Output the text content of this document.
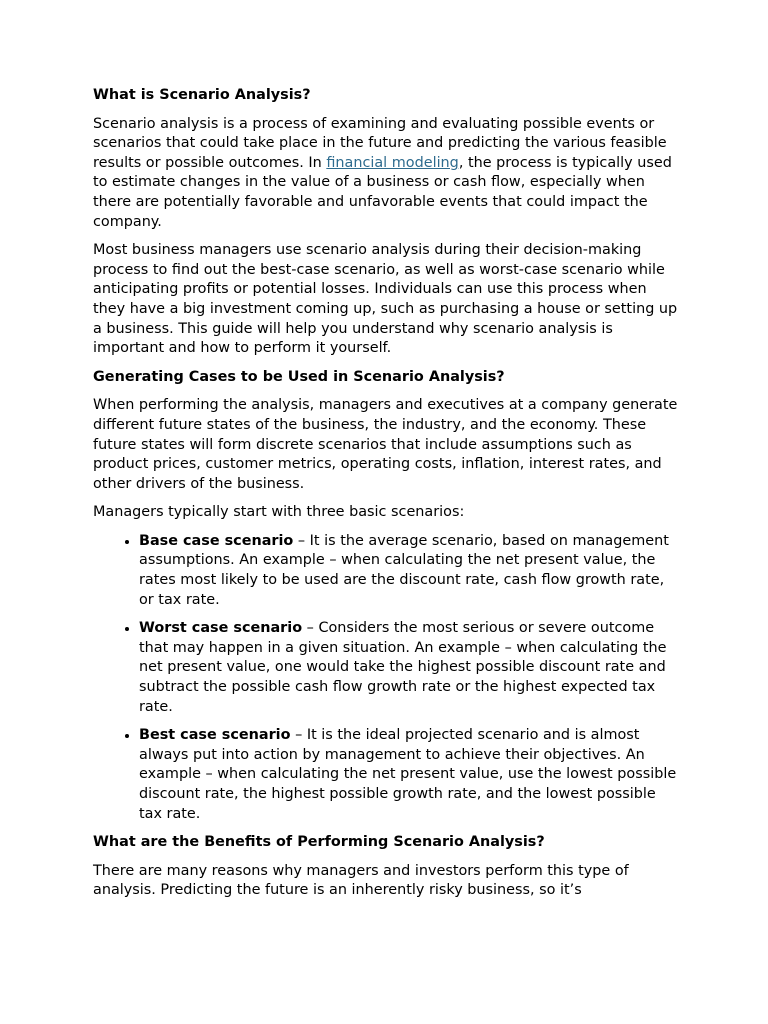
What is Scenario Analysis?

Scenario analysis is a process of examining and evaluating possible events or scenarios that could take place in the future and predicting the various feasible results or possible outcomes. In financial modeling, the process is typically used to estimate changes in the value of a business or cash flow, especially when there are potentially favorable and unfavorable events that could impact the company.

Most business managers use scenario analysis during their decision-making process to find out the best-case scenario, as well as worst-case scenario while anticipating profits or potential losses. Individuals can use this process when they have a big investment coming up, such as purchasing a house or setting up a business. This guide will help you understand why scenario analysis is important and how to perform it yourself.

Generating Cases to be Used in Scenario Analysis?

When performing the analysis, managers and executives at a company generate different future states of the business, the industry, and the economy. These future states will form discrete scenarios that include assumptions such as product prices, customer metrics, operating costs, inflation, interest rates, and other drivers of the business.

Managers typically start with three basic scenarios:

• Base case scenario – It is the average scenario, based on management assumptions. An example – when calculating the net present value, the rates most likely to be used are the discount rate, cash flow growth rate, or tax rate.
• Worst case scenario – Considers the most serious or severe outcome that may happen in a given situation. An example – when calculating the net present value, one would take the highest possible discount rate and subtract the possible cash flow growth rate or the highest expected tax rate.
• Best case scenario – It is the ideal projected scenario and is almost always put into action by management to achieve their objectives. An example – when calculating the net present value, use the lowest possible discount rate, the highest possible growth rate, and the lowest possible tax rate.
What are the Benefits of Performing Scenario Analysis?

There are many reasons why managers and investors perform this type of analysis. Predicting the future is an inherently risky business, so it’s
